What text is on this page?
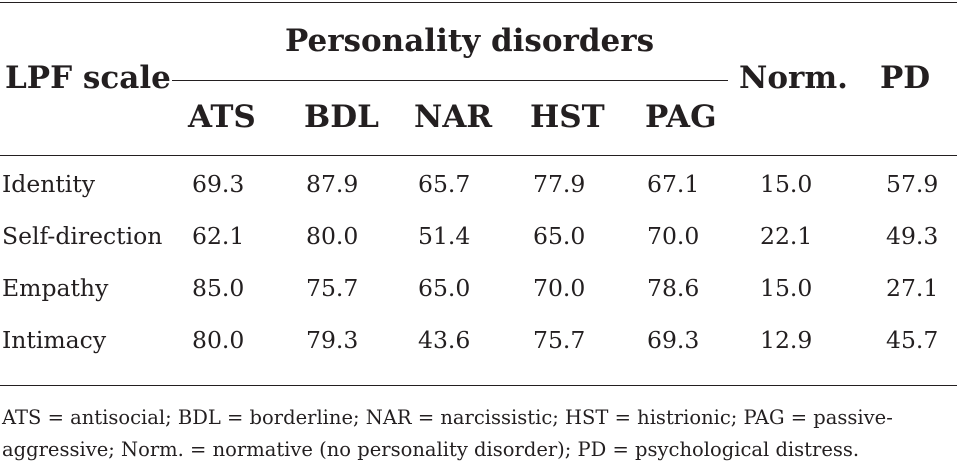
Personality disorders
LPF scale	Norm. PD
ATS BDL NAR HST PAG
Identity	69.3	87.9	65.7	77.9	67.1	15.0	57.9
Self-direction 62.1	80.0	51.4	65.0	70.0	22.1	49.3
Empathy	85.0	75.7	65.0	70.0	78.6	15.0	27.1
Intimacy	80.0	79.3	43.6	75.7	69.3	12.9	45.7
ATS = antisocial; BDL = borderline; NAR = narcissistic; HST = histrionic; PAG = passive-
aggressive; Norm. = normative (no personality disorder); PD = psychological distress.
